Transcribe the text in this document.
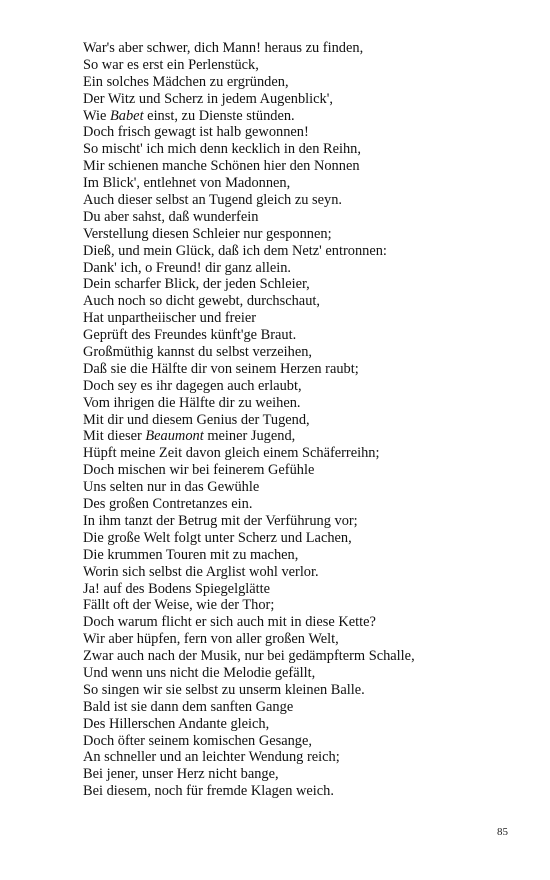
War's aber schwer, dich Mann! heraus zu finden,
So war es erst ein Perlenstück,
Ein solches Mädchen zu ergründen,
Der Witz und Scherz in jedem Augenblick',
Wie Babet einst, zu Dienste stünden.
Doch frisch gewagt ist halb gewonnen!
So mischt' ich mich denn kecklich in den Reihn,
Mir schienen manche Schönen hier den Nonnen
Im Blick', entlehnet von Madonnen,
Auch dieser selbst an Tugend gleich zu seyn.
Du aber sahst, daß wunderfein
Verstellung diesen Schleier nur gesponnen;
Dieß, und mein Glück, daß ich dem Netz' entronnen:
Dank' ich, o Freund! dir ganz allein.
Dein scharfer Blick, der jeden Schleier,
Auch noch so dicht gewebt, durchschaut,
Hat unpartheiischer und freier
Geprüft des Freundes künft'ge Braut.
Großmüthig kannst du selbst verzeihen,
Daß sie die Hälfte dir von seinem Herzen raubt;
Doch sey es ihr dagegen auch erlaubt,
Vom ihrigen die Hälfte dir zu weihen.
Mit dir und diesem Genius der Tugend,
Mit dieser Beaumont meiner Jugend,
Hüpft meine Zeit davon gleich einem Schäferreihn;
Doch mischen wir bei feinerem Gefühle
Uns selten nur in das Gewühle
Des großen Contretanzes ein.
In ihm tanzt der Betrug mit der Verführung vor;
Die große Welt folgt unter Scherz und Lachen,
Die krummen Touren mit zu machen,
Worin sich selbst die Arglist wohl verlor.
Ja! auf des Bodens Spiegelglätte
Fällt oft der Weise, wie der Thor;
Doch warum flicht er sich auch mit in diese Kette?
Wir aber hüpfen, fern von aller großen Welt,
Zwar auch nach der Musik, nur bei gedämpfterm Schalle,
Und wenn uns nicht die Melodie gefällt,
So singen wir sie selbst zu unserm kleinen Balle.
Bald ist sie dann dem sanften Gange
Des Hillerschen Andante gleich,
Doch öfter seinem komischen Gesange,
An schneller und an leichter Wendung reich;
Bei jener, unser Herz nicht bange,
Bei diesem, noch für fremde Klagen weich.
85
